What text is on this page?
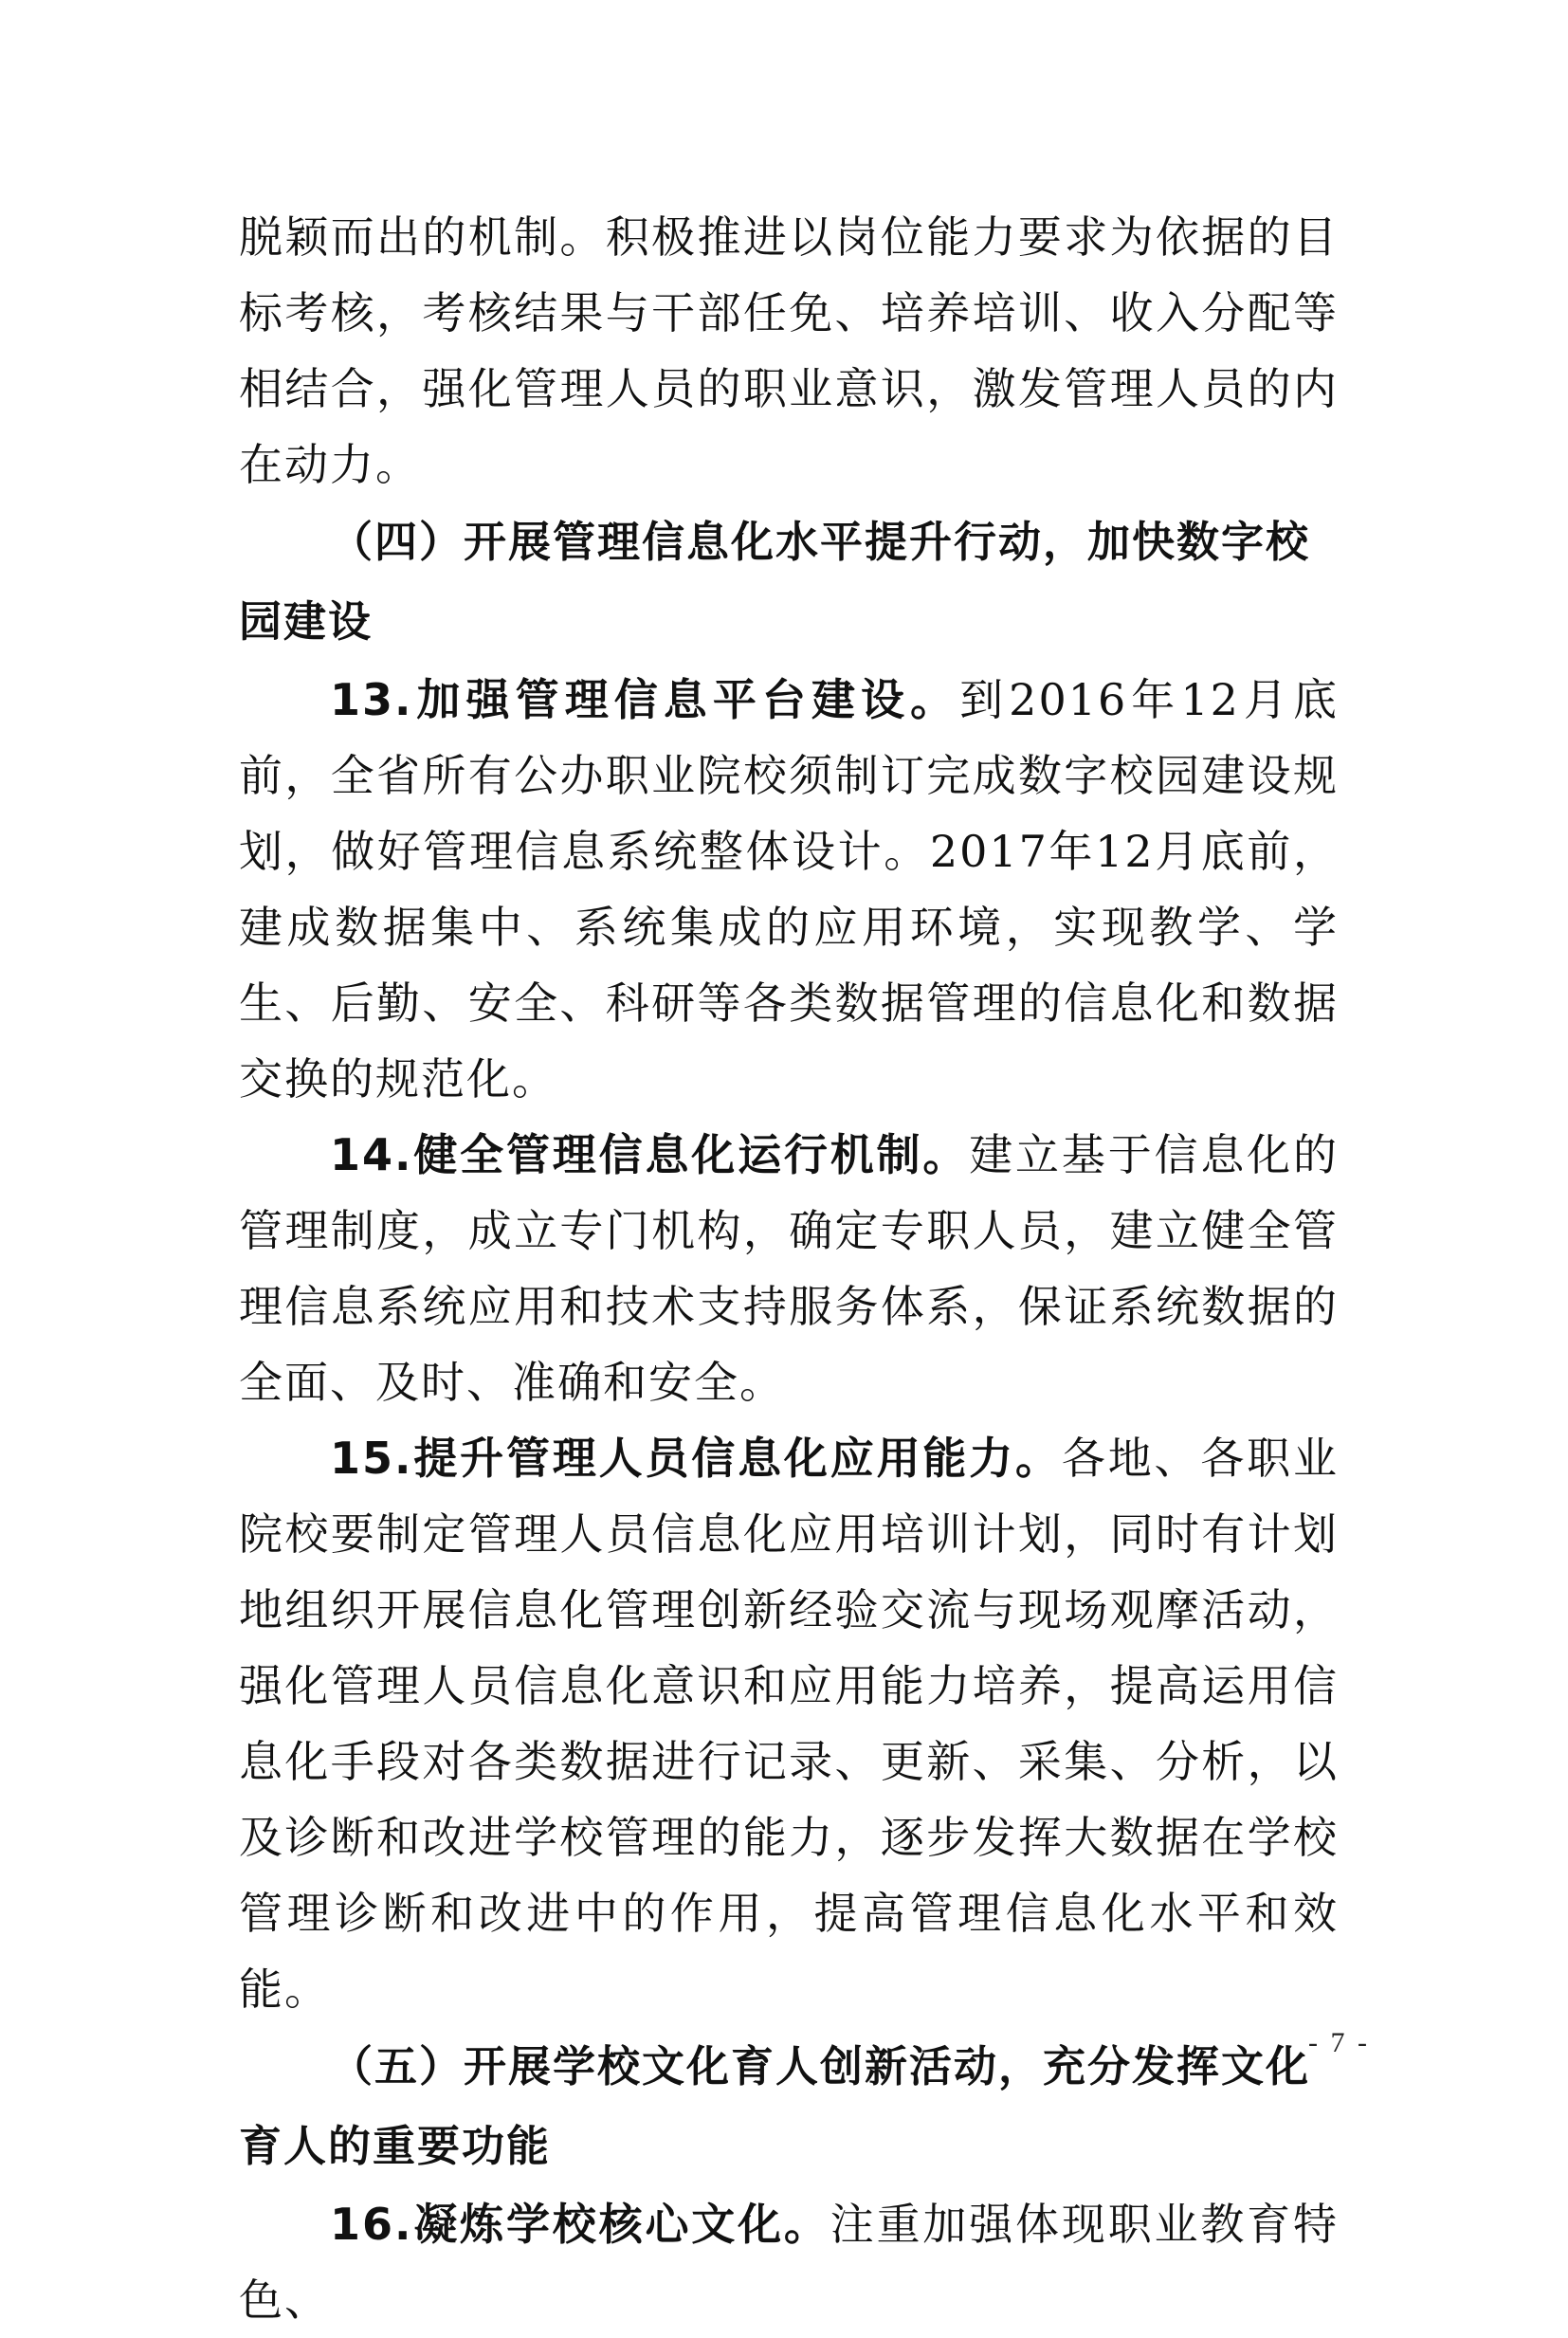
脱颖而出的机制。积极推进以岗位能力要求为依据的目标考核，考核结果与干部任免、培养培训、收入分配等相结合，强化管理人员的职业意识，激发管理人员的内在动力。

（四）开展管理信息化水平提升行动，加快数字校园建设

13.加强管理信息平台建设。到2016年12月底前，全省所有公办职业院校须制订完成数字校园建设规划，做好管理信息系统整体设计。2017年12月底前，建成数据集中、系统集成的应用环境，实现教学、学生、后勤、安全、科研等各类数据管理的信息化和数据交换的规范化。

14.健全管理信息化运行机制。建立基于信息化的管理制度，成立专门机构，确定专职人员，建立健全管理信息系统应用和技术支持服务体系，保证系统数据的全面、及时、准确和安全。

15.提升管理人员信息化应用能力。各地、各职业院校要制定管理人员信息化应用培训计划，同时有计划地组织开展信息化管理创新经验交流与现场观摩活动，强化管理人员信息化意识和应用能力培养，提高运用信息化手段对各类数据进行记录、更新、采集、分析，以及诊断和改进学校管理的能力，逐步发挥大数据在学校管理诊断和改进中的作用，提高管理信息化水平和效能。

（五）开展学校文化育人创新活动，充分发挥文化育人的重要功能

16.凝炼学校核心文化。注重加强体现职业教育特色、

- 7 -
